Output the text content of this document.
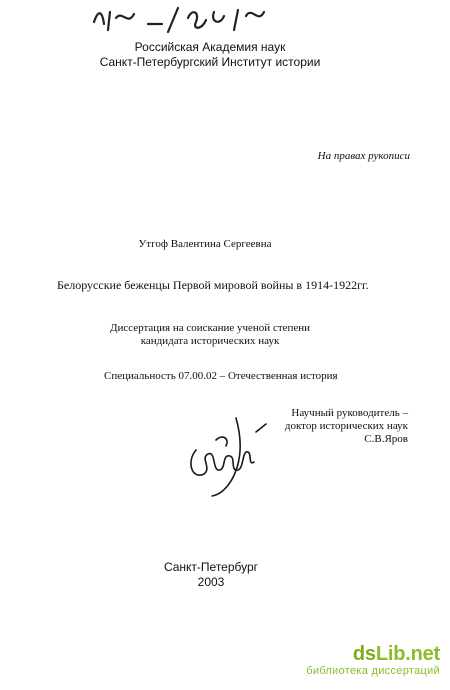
Российская Академия наук
Санкт-Петербургский Институт истории
На правах рукописи
Утгоф Валентина Сергеевна
Белорусские беженцы Первой мировой войны в 1914-1922гг.
Диссертация на соискание ученой степени
кандидата исторических наук
Специальность 07.00.02 – Отечественная история
Научный руководитель –
доктор исторических наук
С.В.Яров
Санкт-Петербург
2003
dsLib.net
библиотека диссертаций
